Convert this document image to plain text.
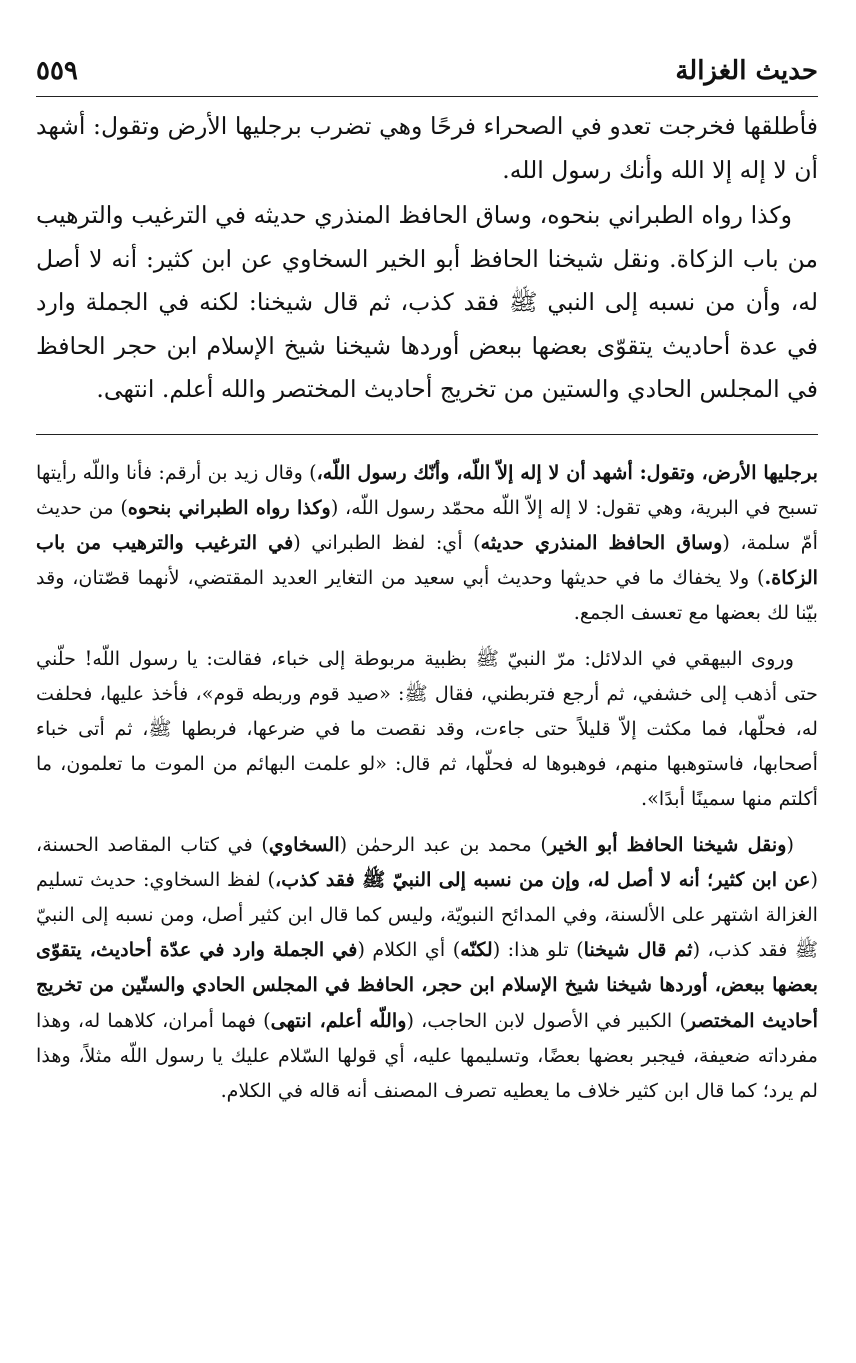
حديث الغزالة
٥٥٩

فأطلقها فخرجت تعدو في الصحراء فرحًا وهي تضرب برجليها الأرض وتقول: أشهد أن لا إله إلا الله وأنك رسول الله.

وكذا رواه الطبراني بنحوه، وساق الحافظ المنذري حديثه في الترغيب والترهيب من باب الزكاة. ونقل شيخنا الحافظ أبو الخير السخاوي عن ابن كثير: أنه لا أصل له، وأن من نسبه إلى النبي ﷺ فقد كذب، ثم قال شيخنا: لكنه في الجملة وارد في عدة أحاديث يتقوّى بعضها ببعض أوردها شيخنا شيخ الإسلام ابن حجر الحافظ في المجلس الحادي والستين من تخريج أحاديث المختصر والله أعلم. انتهى.

برجليها الأرض، وتقول: أشهد أن لا إله إلاّ اللّه، وأنّك رسول اللّه،) وقال زيد بن أرقم: فأنا واللّه رأيتها تسبح في البرية، وهي تقول: لا إله إلاّ اللّه محمّد رسول اللّه، (وكذا رواه الطبراني بنحوه) من حديث أمّ سلمة، (وساق الحافظ المنذري حديثه) أي: لفظ الطبراني (في الترغيب والترهيب من باب الزكاة.) ولا يخفاك ما في حديثها وحديث أبي سعيد من التغاير العديد المقتضي، لأنهما قصّتان، وقد بيّنا لك بعضها مع تعسف الجمع.

وروى البيهقي في الدلائل: مرّ النبيّ ﷺ بظبية مربوطة إلى خباء، فقالت: يا رسول اللّه! حلّني حتى أذهب إلى خشفي، ثم أرجع فتربطني، فقال ﷺ: «صيد قوم وربطه قوم»، فأخذ عليها، فحلفت له، فحلّها، فما مكثت إلاّ قليلاً حتى جاءت، وقد نقصت ما في ضرعها، فربطها ﷺ، ثم أتى خباء أصحابها، فاستوهبها منهم، فوهبوها له فحلّها، ثم قال: «لو علمت البهائم من الموت ما تعلمون، ما أكلتم منها سمينًا أبدًا».

(ونقل شيخنا الحافظ أبو الخير) محمد بن عبد الرحمٰن (السخاوي) في كتاب المقاصد الحسنة، (عن ابن كثير؛ أنه لا أصل له، وإن من نسبه إلى النبيّ ﷺ فقد كذب،) لفظ السخاوي: حديث تسليم الغزالة اشتهر على الألسنة، وفي المدائح النبويّة، وليس كما قال ابن كثير أصل، ومن نسبه إلى النبيّ ﷺ فقد كذب، (ثم قال شيخنا) تلو هذا: (لكنّه) أي الكلام (في الجملة وارد في عدّة أحاديث، يتقوّى بعضها ببعض، أوردها شيخنا شيخ الإسلام ابن حجر، الحافظ في المجلس الحادي والستّين من تخريج أحاديث المختصر) الكبير في الأصول لابن الحاجب، (واللّه أعلم، انتهى) فهما أمران، كلاهما له، وهذا مفرداته ضعيفة، فيجبر بعضها بعضًا، وتسليمها عليه، أي قولها السّلام عليك يا رسول اللّه مثلاً، وهذا لم يرد؛ كما قال ابن كثير خلاف ما يعطيه تصرف المصنف أنه قاله في الكلام.
